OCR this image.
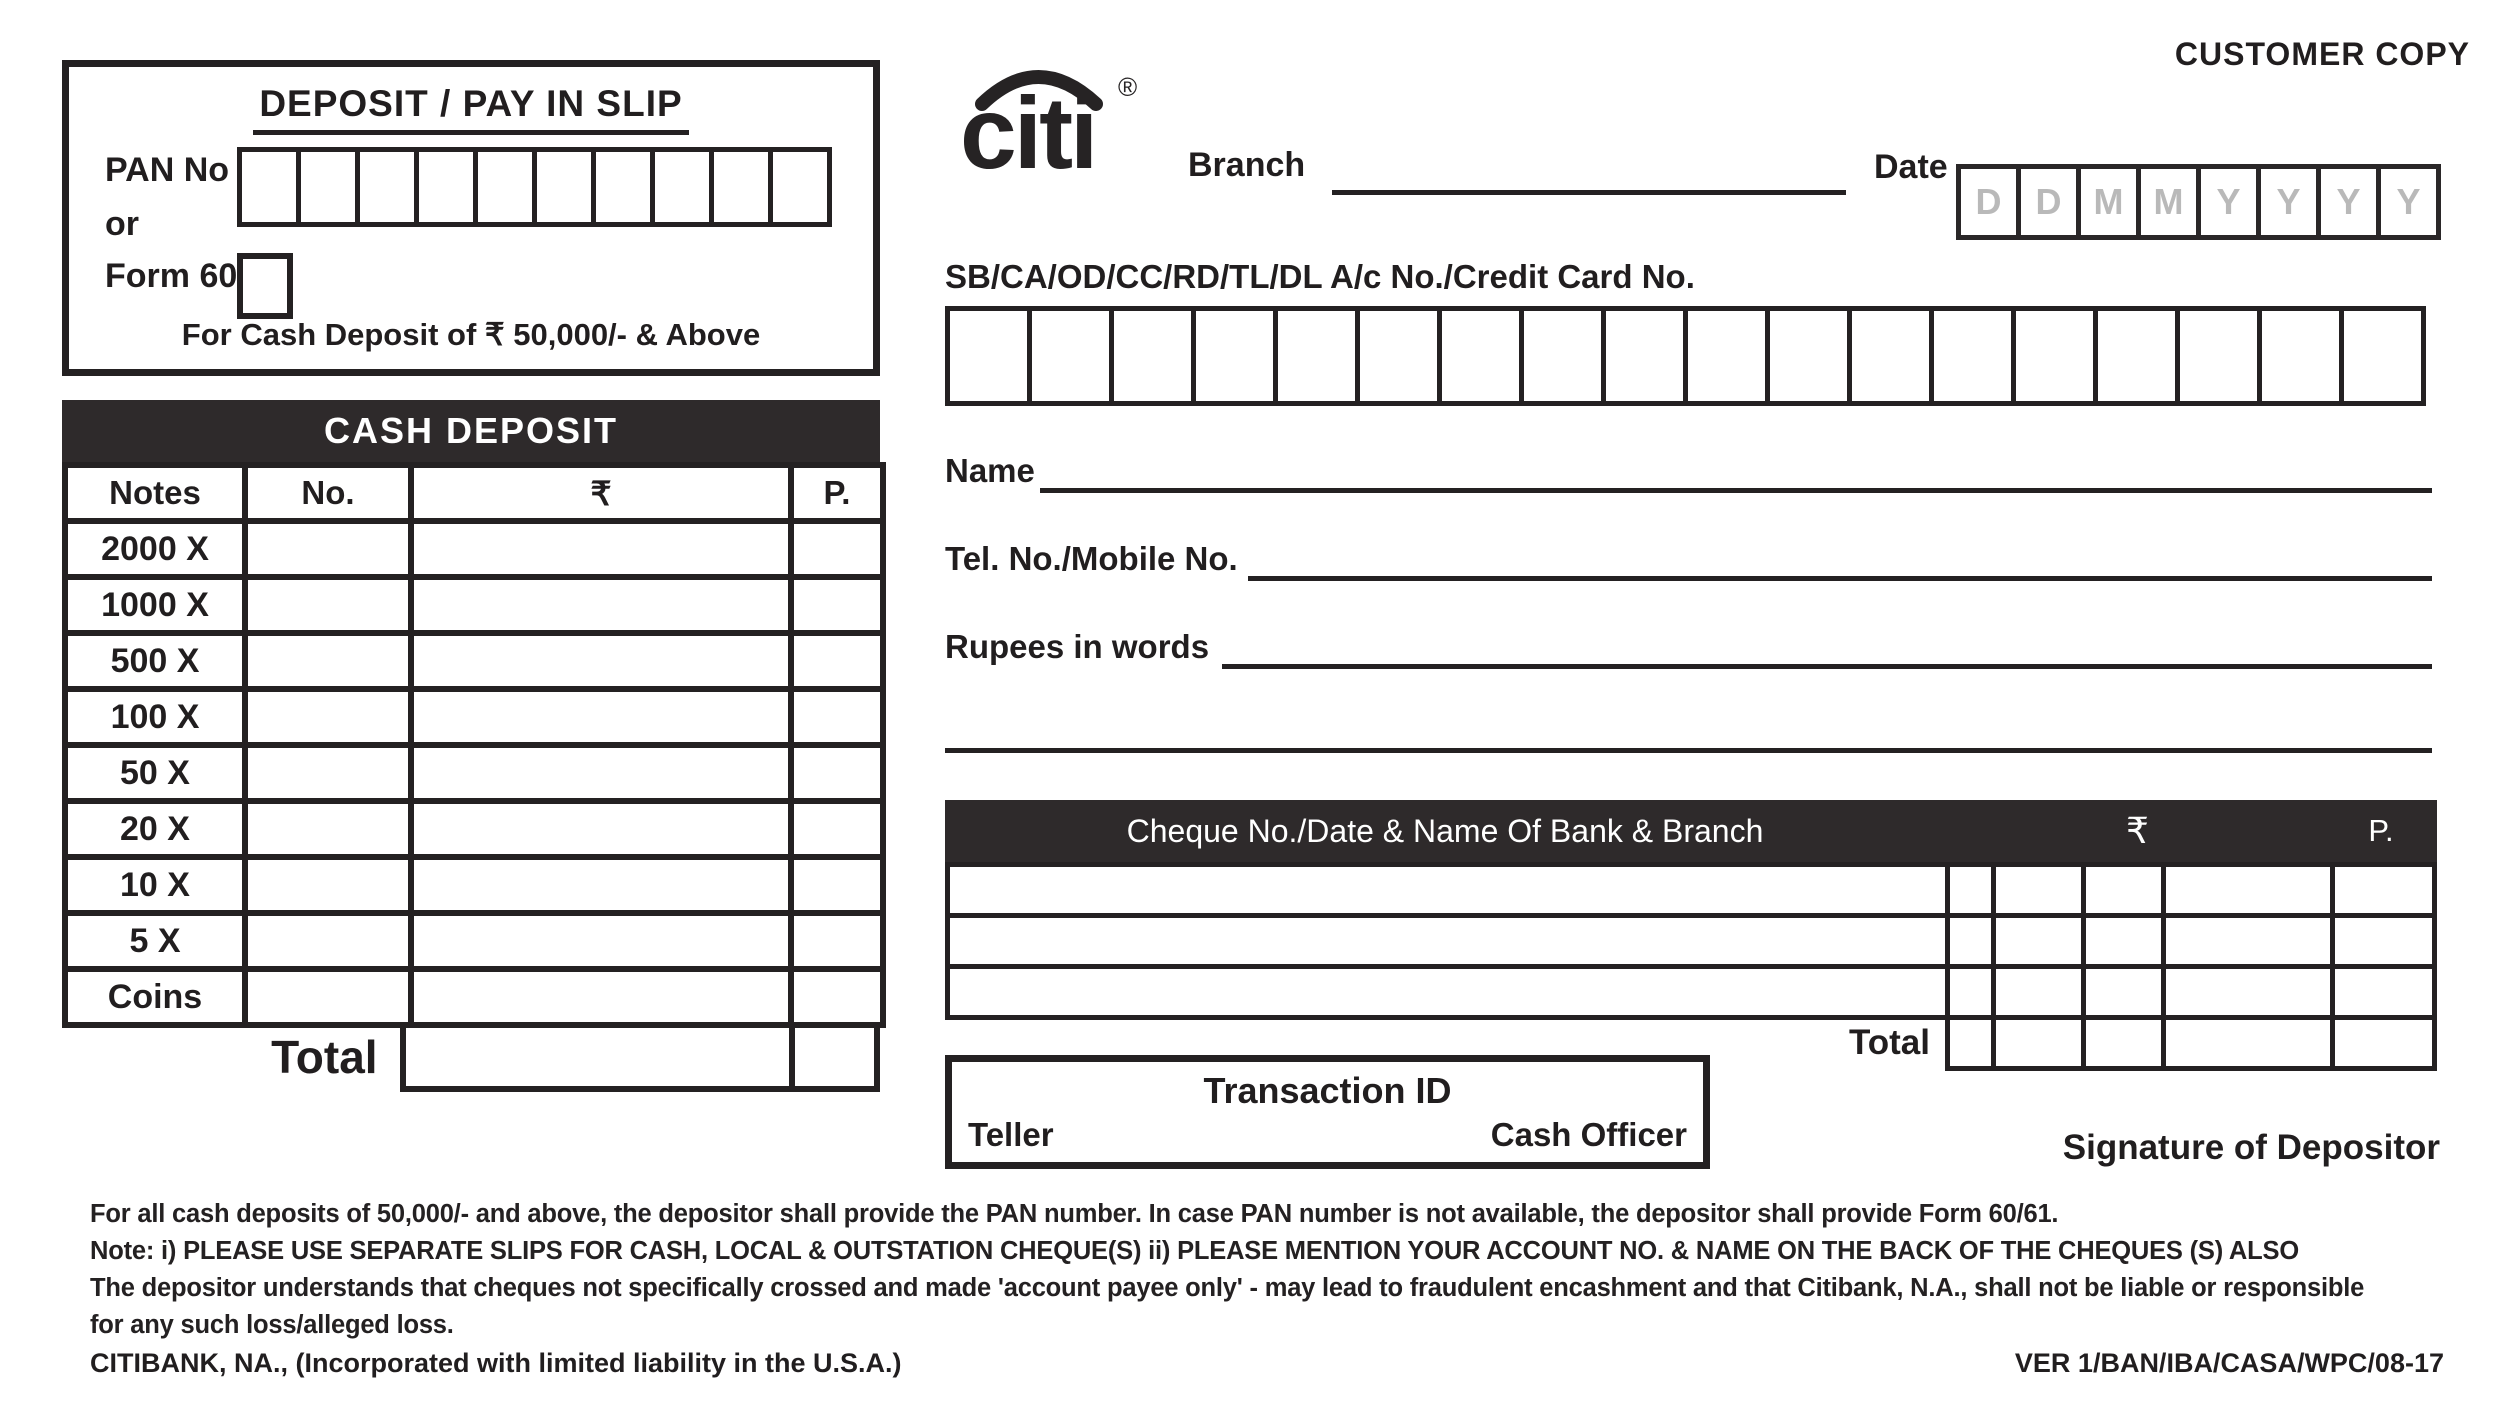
DEPOSIT / PAY IN SLIP
PAN No
or
Form 60
For Cash Deposit of ₹ 50,000/- & Above
CASH DEPOSIT
Notes	No.	₹	P.
2000 X			
1000 X			
500 X			
100 X			
50 X			
20 X			
10 X			
5 X			
Coins			
Total
CUSTOMER COPY
citi ®
Branch	Date
D D M M Y Y Y Y
SB/CA/OD/CC/RD/TL/DL A/c No./Credit Card No.
Name
Tel. No./Mobile No.
Rupees in words
Cheque No./Date & Name Of Bank & Branch	₹	P.
Total
Transaction ID
Teller	Cash Officer	Signature of Depositor
For all cash deposits of 50,000/- and above, the depositor shall provide the PAN number. In case PAN number is not available, the depositor shall provide Form 60/61.
Note: i) PLEASE USE SEPARATE SLIPS FOR CASH, LOCAL & OUTSTATION CHEQUE(S) ii) PLEASE MENTION YOUR ACCOUNT NO. & NAME ON THE BACK OF THE CHEQUES (S) ALSO
The depositor understands that cheques not specifically crossed and made 'account payee only' - may lead to fraudulent encashment and that Citibank, N.A., shall not be liable or responsible
for any such loss/alleged loss.
CITIBANK, NA., (Incorporated with limited liability in the U.S.A.)	VER 1/BAN/IBA/CASA/WPC/08-17
